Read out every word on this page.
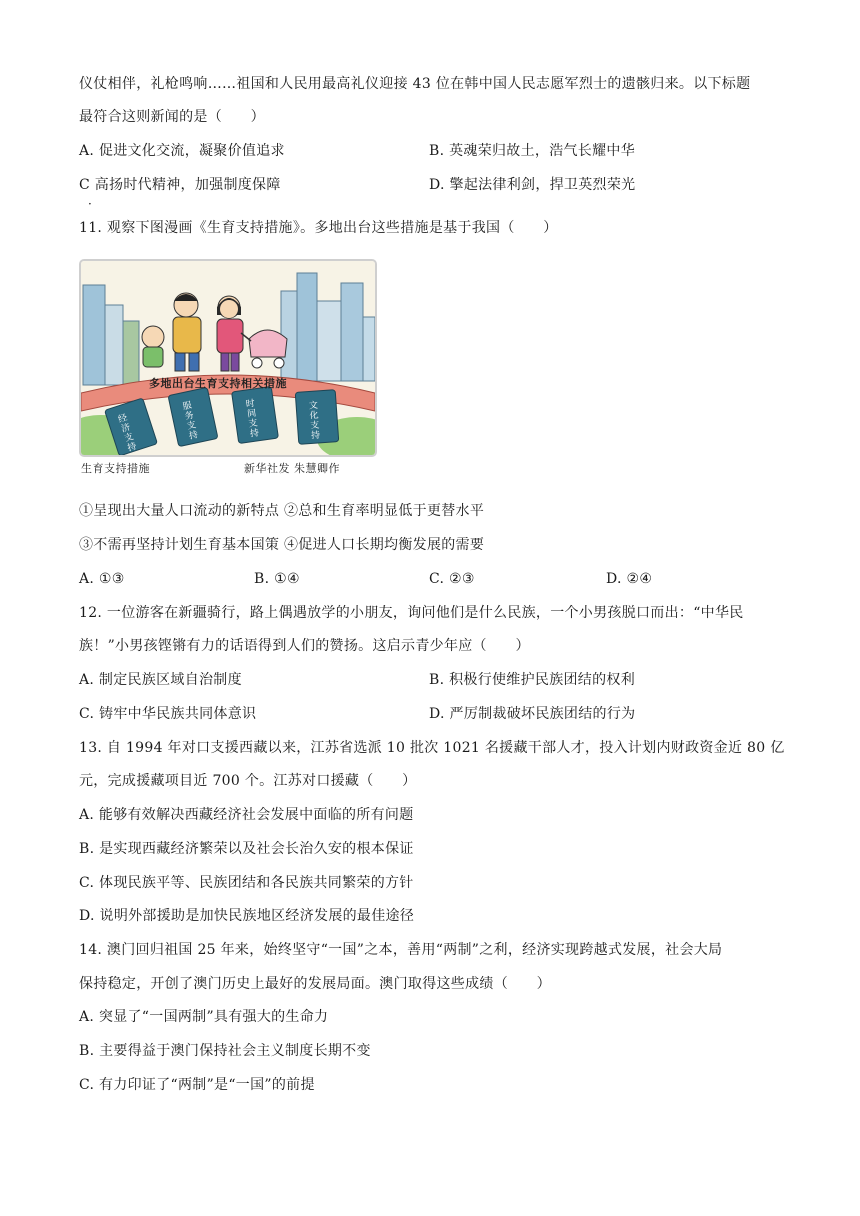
仪仗相伴，礼枪鸣响……祖国和人民用最高礼仪迎接 43 位在韩中国人民志愿军烈士的遗骸归来。以下标题
最符合这则新闻的是（　　）
A. 促进文化交流，凝聚价值追求	B. 英魂荣归故土，浩气长耀中华
C 高扬时代精神，加强制度保障
·
D. 擎起法律利剑，捍卫英烈荣光
11. 观察下图漫画《生育支持措施》。多地出台这些措施是基于我国（　　）
多地出台生育支持相关措施
经济支持
服务支持
时间支持
文化支持
生育支持措施	新华社发 朱慧卿作
①呈现出大量人口流动的新特点 ②总和生育率明显低于更替水平
③不需再坚持计划生育基本国策 ④促进人口长期均衡发展的需要
A. ①③	B. ①④	C. ②③	D. ②④
12. 一位游客在新疆骑行，路上偶遇放学的小朋友，询问他们是什么民族，一个小男孩脱口而出：“中华民
族！”小男孩铿锵有力的话语得到人们的赞扬。这启示青少年应（　　）
A. 制定民族区域自治制度	B. 积极行使维护民族团结的权利
C. 铸牢中华民族共同体意识	D. 严厉制裁破坏民族团结的行为
13. 自 1994 年对口支援西藏以来，江苏省选派 10 批次 1021 名援藏干部人才，投入计划内财政资金近 80 亿
元，完成援藏项目近 700 个。江苏对口援藏（　　）
A. 能够有效解决西藏经济社会发展中面临的所有问题
B. 是实现西藏经济繁荣以及社会长治久安的根本保证
C. 体现民族平等、民族团结和各民族共同繁荣的方针
D. 说明外部援助是加快民族地区经济发展的最佳途径
14. 澳门回归祖国 25 年来，始终坚守“一国”之本，善用“两制”之利，经济实现跨越式发展，社会大局
保持稳定，开创了澳门历史上最好的发展局面。澳门取得这些成绩（　　）
A. 突显了“一国两制”具有强大的生命力
B. 主要得益于澳门保持社会主义制度长期不变
C. 有力印证了“两制”是“一国”的前提
